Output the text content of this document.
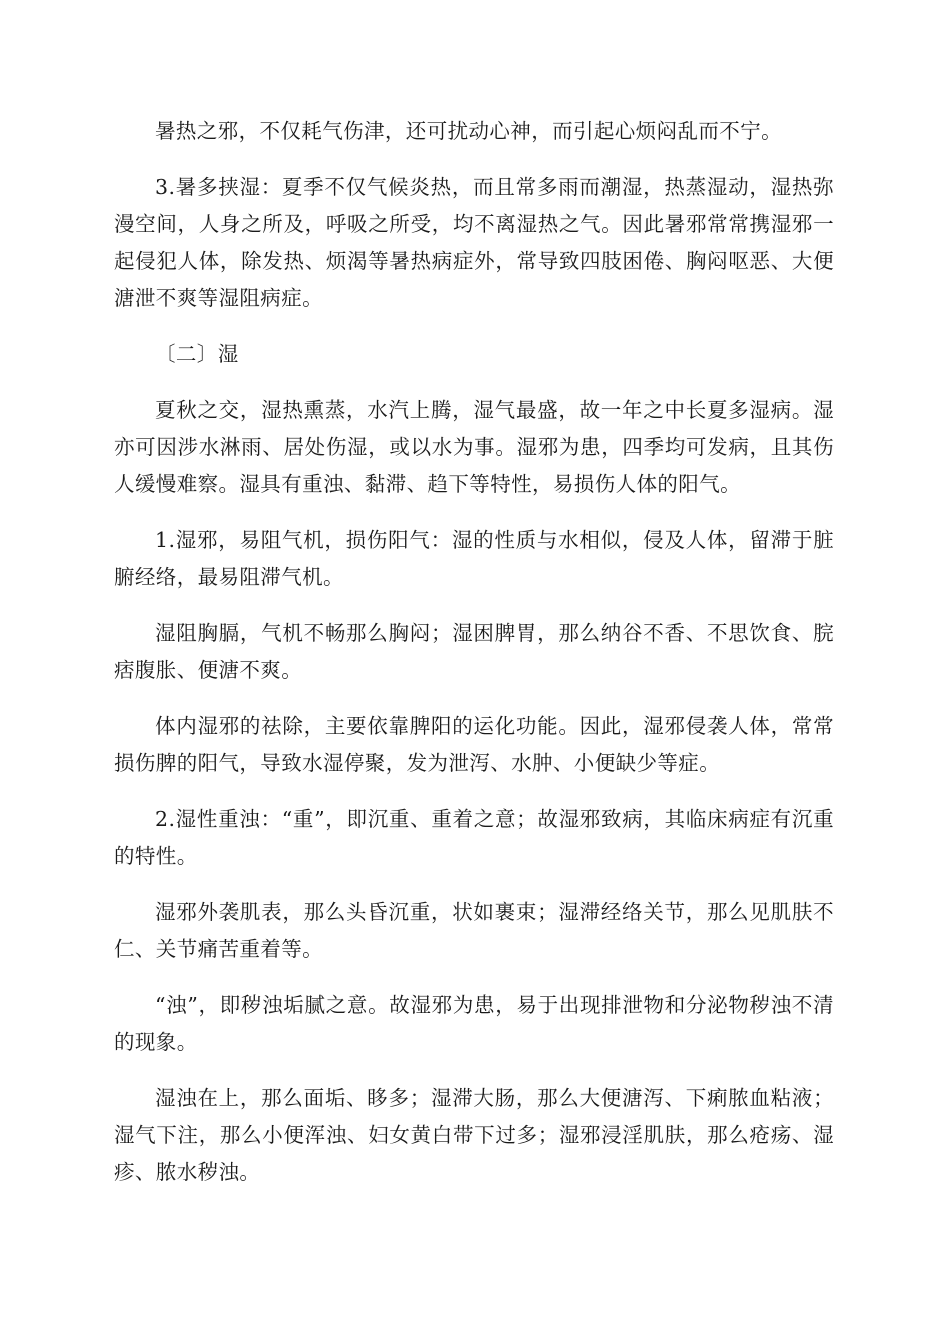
暑热之邪，不仅耗气伤津，还可扰动心神，而引起心烦闷乱而不宁。

3.暑多挟湿：夏季不仅气候炎热，而且常多雨而潮湿，热蒸湿动，湿热弥漫空间，人身之所及，呼吸之所受，均不离湿热之气。因此暑邪常常携湿邪一起侵犯人体，除发热、烦渴等暑热病症外，常导致四肢困倦、胸闷呕恶、大便溏泄不爽等湿阻病症。

〔二〕湿

夏秋之交，湿热熏蒸，水汽上腾，湿气最盛，故一年之中长夏多湿病。湿亦可因涉水淋雨、居处伤湿，或以水为事。湿邪为患，四季均可发病，且其伤人缓慢难察。湿具有重浊、黏滞、趋下等特性，易损伤人体的阳气。

1.湿邪，易阻气机，损伤阳气：湿的性质与水相似，侵及人体，留滞于脏腑经络，最易阻滞气机。

湿阻胸膈，气机不畅那么胸闷；湿困脾胃，那么纳谷不香、不思饮食、脘痞腹胀、便溏不爽。

体内湿邪的祛除，主要依靠脾阳的运化功能。因此，湿邪侵袭人体，常常损伤脾的阳气，导致水湿停聚，发为泄泻、水肿、小便缺少等症。

2.湿性重浊：“重”，即沉重、重着之意；故湿邪致病，其临床病症有沉重的特性。

湿邪外袭肌表，那么头昏沉重，状如裹束；湿滞经络关节，那么见肌肤不仁、关节痛苦重着等。

“浊”，即秽浊垢腻之意。故湿邪为患，易于出现排泄物和分泌物秽浊不清的现象。

湿浊在上，那么面垢、眵多；湿滞大肠，那么大便溏泻、下痢脓血粘液；湿气下注，那么小便浑浊、妇女黄白带下过多；湿邪浸淫肌肤，那么疮疡、湿疹、脓水秽浊。
